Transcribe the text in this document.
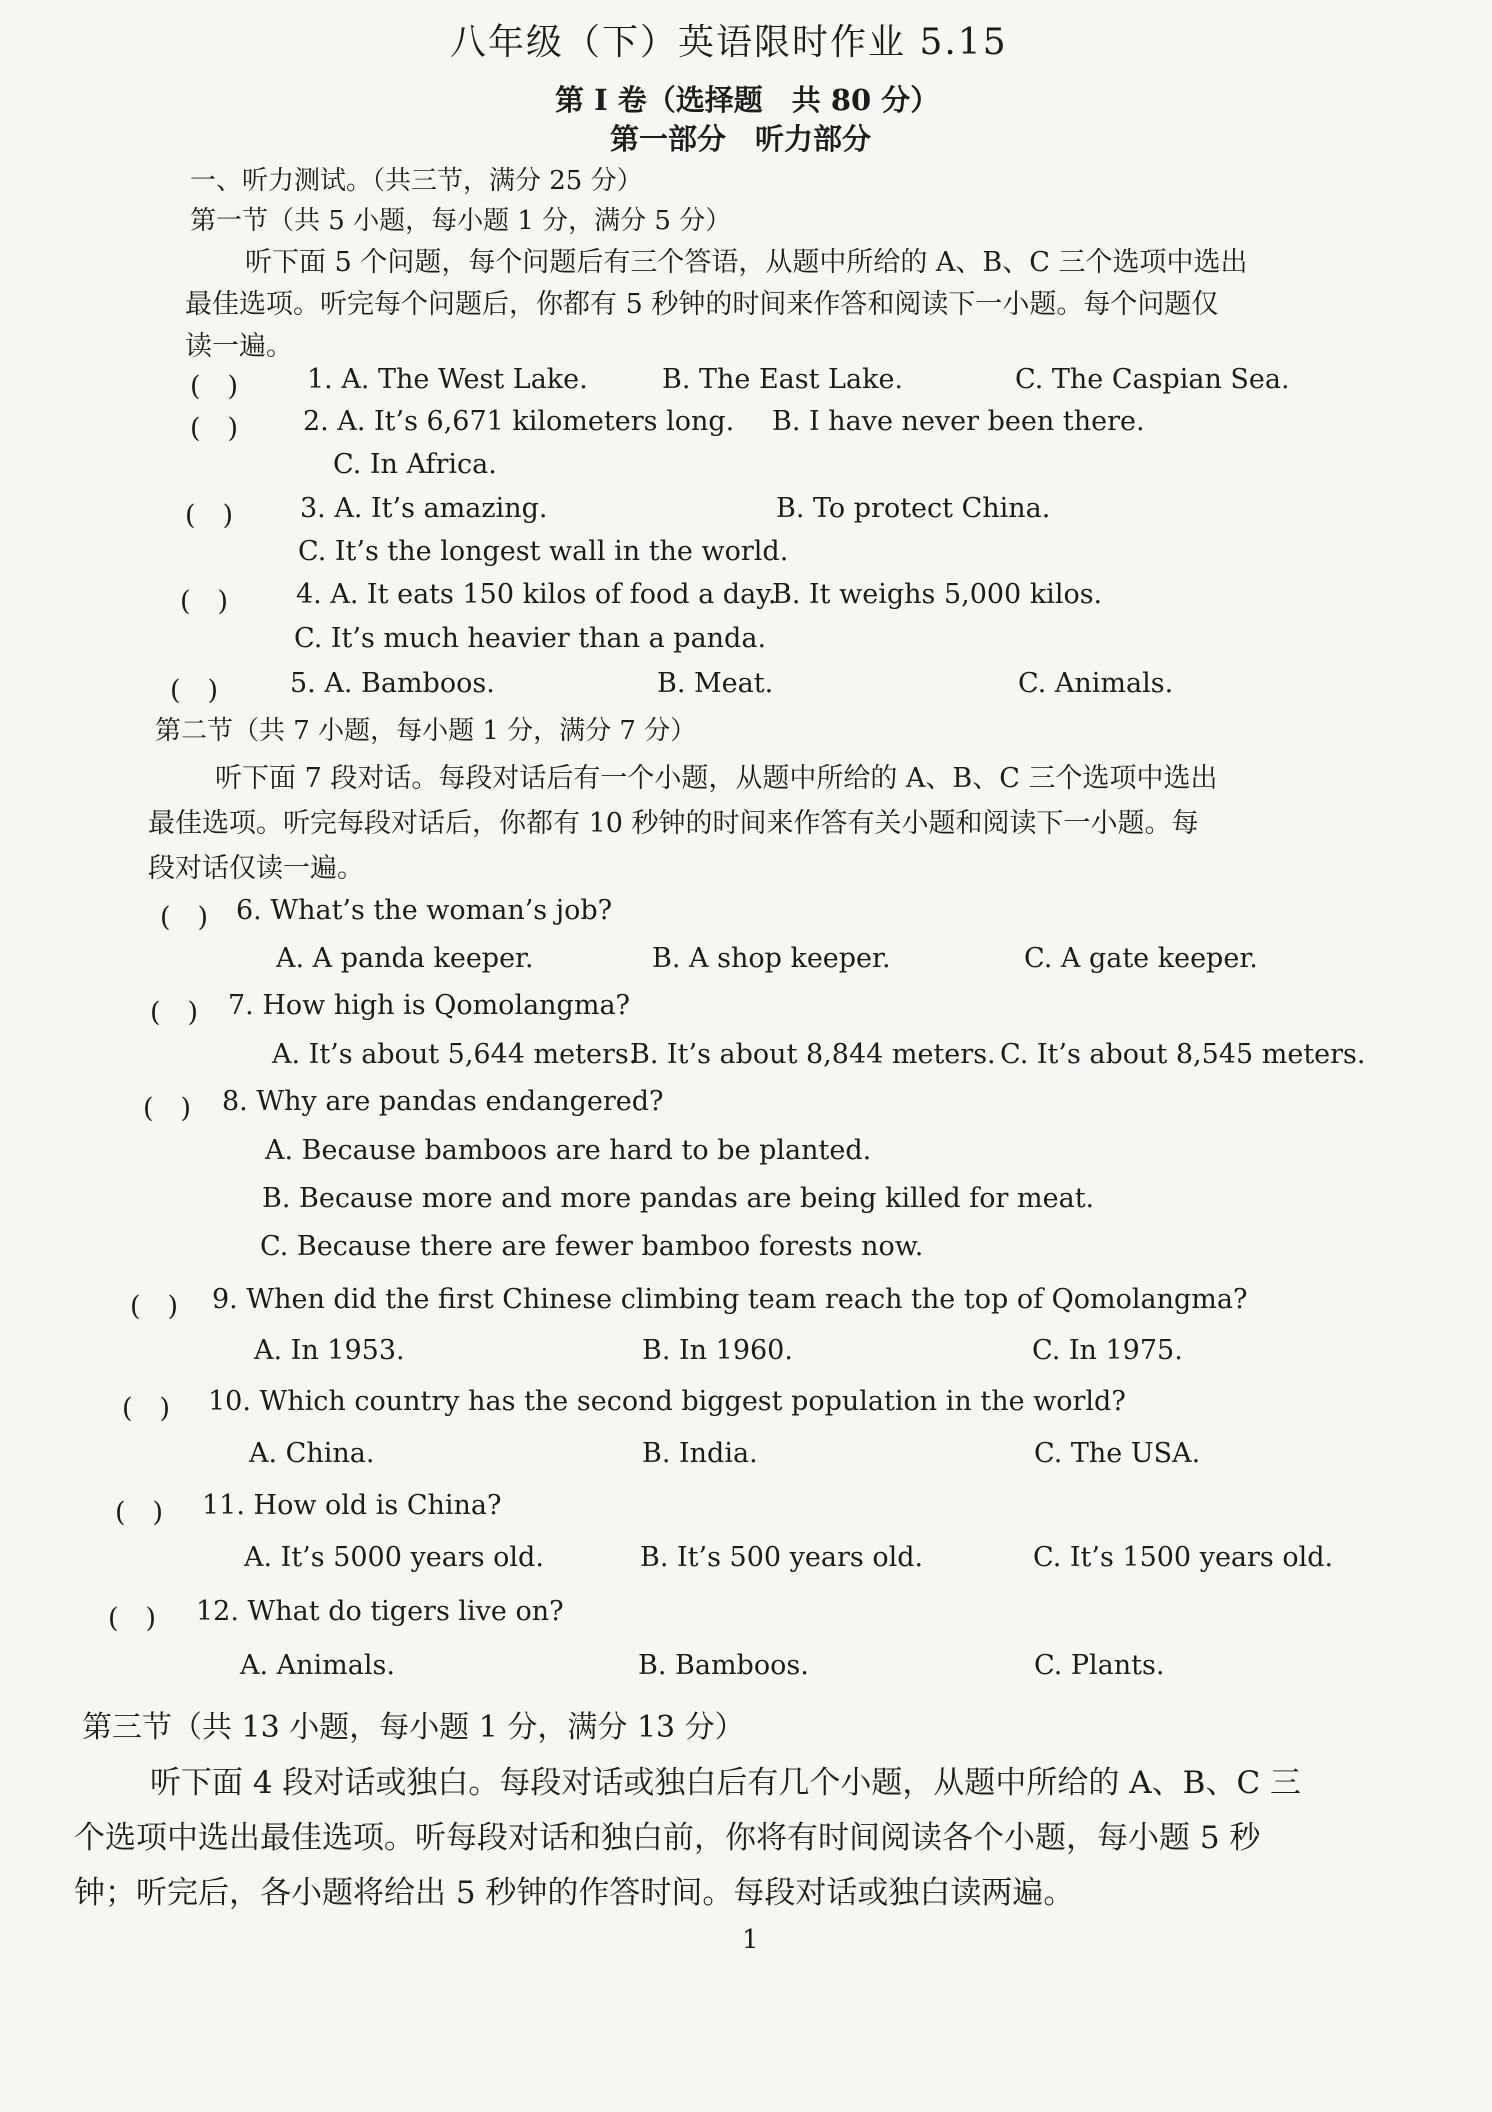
八年级（下）英语限时作业 5.15
第 I 卷（选择题　共 80 分）
第一部分　听力部分
一、听力测试。（共三节，满分 25 分）
第一节（共 5 小题，每小题 1 分，满分 5 分）
听下面 5 个问题，每个问题后有三个答语，从题中所给的 A、B、C 三个选项中选出
最佳选项。听完每个问题后，你都有 5 秒钟的时间来作答和阅读下一小题。每个问题仅
读一遍。
(　)	1. A. The West Lake.	B. The East Lake.	C. The Caspian Sea.
(　) 2. A. It’s 6,671 kilometers long. B. I have never been there.
C. In Africa.
(　) 3. A. It’s amazing.	B. To protect China.
C. It’s the longest wall in the world.
(　)	4. A. It eats 150 kilos of food a day.
B. It weighs 5,000 kilos.
C. It’s much heavier than a panda.
(　)	5. A. Bamboos.	B. Meat.	C. Animals.
第二节（共 7 小题，每小题 1 分，满分 7 分）
听下面 7 段对话。每段对话后有一个小题，从题中所给的 A、B、C 三个选项中选出
最佳选项。听完每段对话后，你都有 10 秒钟的时间来作答有关小题和阅读下一小题。每
段对话仅读一遍。
(　) 6. What’s the woman’s job?
A. A panda keeper.	B. A shop keeper.	C. A gate keeper.
(　) 7. How high is Qomolangma?
A. It’s about 5,644 meters.
B. It’s about 8,844 meters. C. It’s about 8,545 meters.
(　) 8. Why are pandas endangered?
A. Because bamboos are hard to be planted.
B. Because more and more pandas are being killed for meat.
C. Because there are fewer bamboo forests now.
(　) 9. When did the first Chinese climbing team reach the top of Qomolangma?
A. In 1953.	B. In 1960.	C. In 1975.
(　) 10. Which country has the second biggest population in the world?
A. China.	B. India.	C. The USA.
(　) 11. How old is China?
A. It’s 5000 years old.	B. It’s 500 years old.	C. It’s 1500 years old.
(　) 12. What do tigers live on?
A. Animals.	B. Bamboos.	C. Plants.
第三节（共 13 小题，每小题 1 分，满分 13 分）
听下面 4 段对话或独白。每段对话或独白后有几个小题，从题中所给的 A、B、C 三
个选项中选出最佳选项。听每段对话和独白前，你将有时间阅读各个小题，每小题 5 秒
钟；听完后，各小题将给出 5 秒钟的作答时间。每段对话或独白读两遍。
1
